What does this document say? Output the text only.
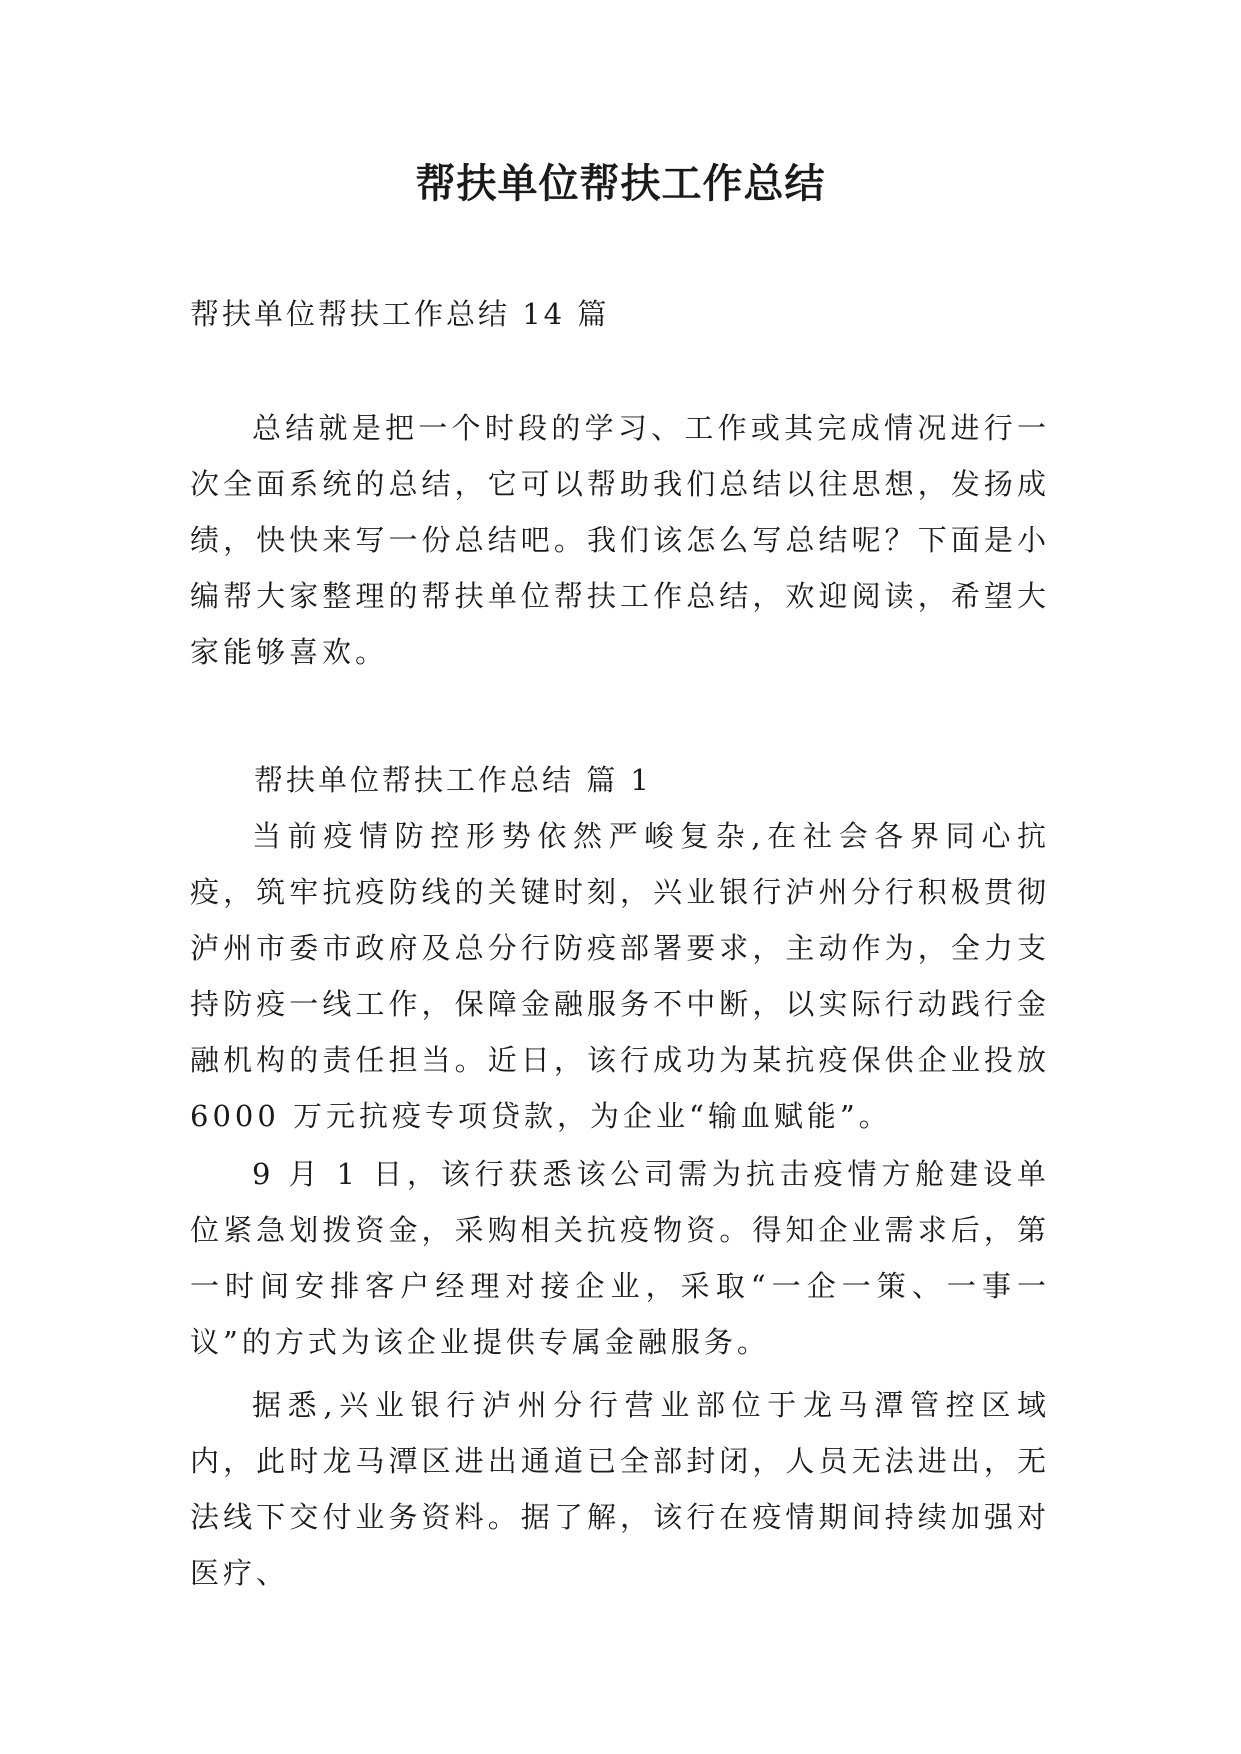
帮扶单位帮扶工作总结

帮扶单位帮扶工作总结 14 篇

总结就是把一个时段的学习、工作或其完成情况进行一次全面系统的总结，它可以帮助我们总结以往思想，发扬成绩，快快来写一份总结吧。我们该怎么写总结呢？下面是小编帮大家整理的帮扶单位帮扶工作总结，欢迎阅读，希望大家能够喜欢。

帮扶单位帮扶工作总结 篇 1

当前疫情防控形势依然严峻复杂,在社会各界同心抗疫，筑牢抗疫防线的关键时刻，兴业银行泸州分行积极贯彻泸州市委市政府及总分行防疫部署要求，主动作为，全力支持防疫一线工作，保障金融服务不中断，以实际行动践行金融机构的责任担当。近日，该行成功为某抗疫保供企业投放 6000 万元抗疫专项贷款，为企业“输血赋能”。

9 月 1 日，该行获悉该公司需为抗击疫情方舱建设单位紧急划拨资金，采购相关抗疫物资。得知企业需求后，第一时间安排客户经理对接企业，采取“一企一策、一事一议”的方式为该企业提供专属金融服务。

据悉,兴业银行泸州分行营业部位于龙马潭管控区域内，此时龙马潭区进出通道已全部封闭，人员无法进出，无法线下交付业务资料。据了解，该行在疫情期间持续加强对医疗、
